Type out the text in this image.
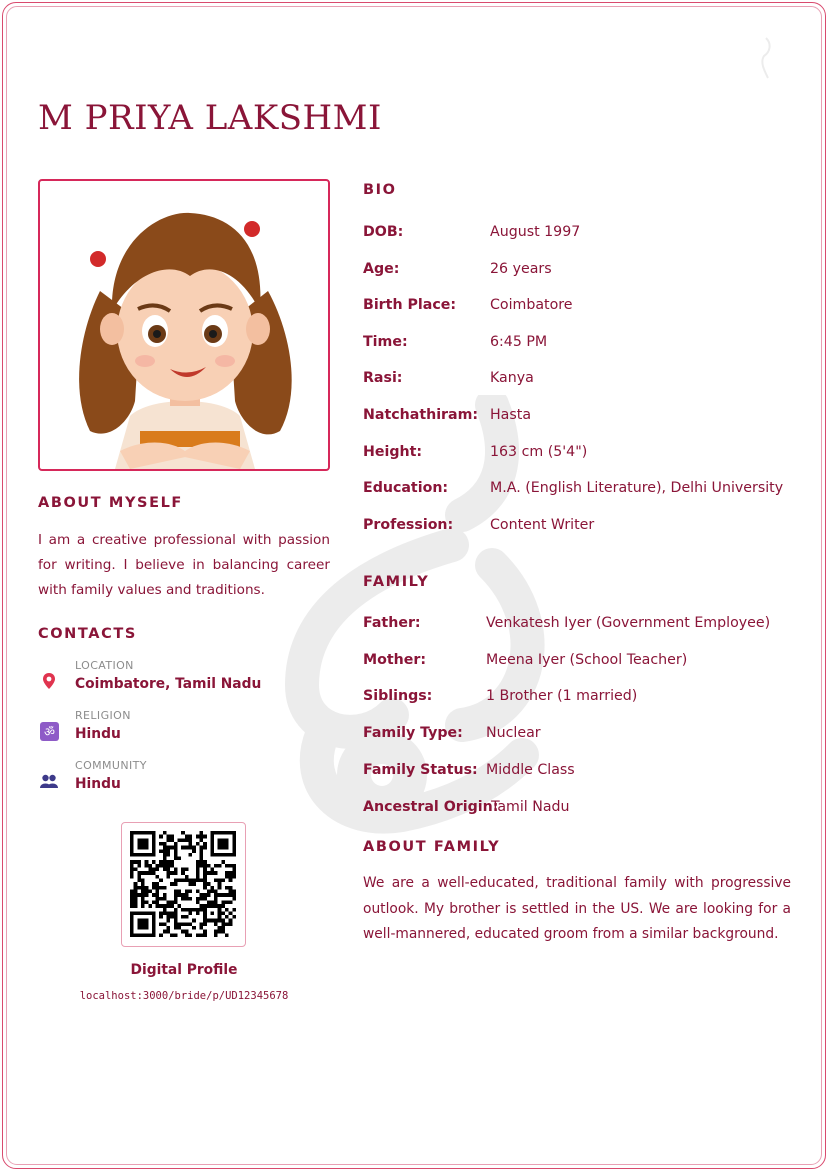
M PRIYA LAKSHMI
ABOUT MYSELF
I am a creative professional with passion for writing. I believe in balancing career with family values and traditions.
CONTACTS
LOCATION
Coimbatore, Tamil Nadu
ॐ
RELIGION
Hindu
COMMUNITY
Hindu
Digital Profile
localhost:3000/bride/p/UD12345678
BIO
DOB:	August 1997
Age:	26 years
Birth Place: Coimbatore
Time:	6:45 PM
Rasi:	Kanya
Natchathiram: Hasta
Height:	163 cm (5'4")
Education:	M.A. (English Literature), Delhi University
Profession:	Content Writer
FAMILY
Father:	Venkatesh Iyer (Government Employee)
Mother:	Meena Iyer (School Teacher)
Siblings:	1 Brother (1 married)
Family Type: Nuclear
Family Status: Middle Class
Ancestral Origin:
Tamil Nadu
ABOUT FAMILY
We are a well-educated, traditional family with progressive outlook. My brother is settled in the US. We are looking for a well-mannered, educated groom from a similar background.
